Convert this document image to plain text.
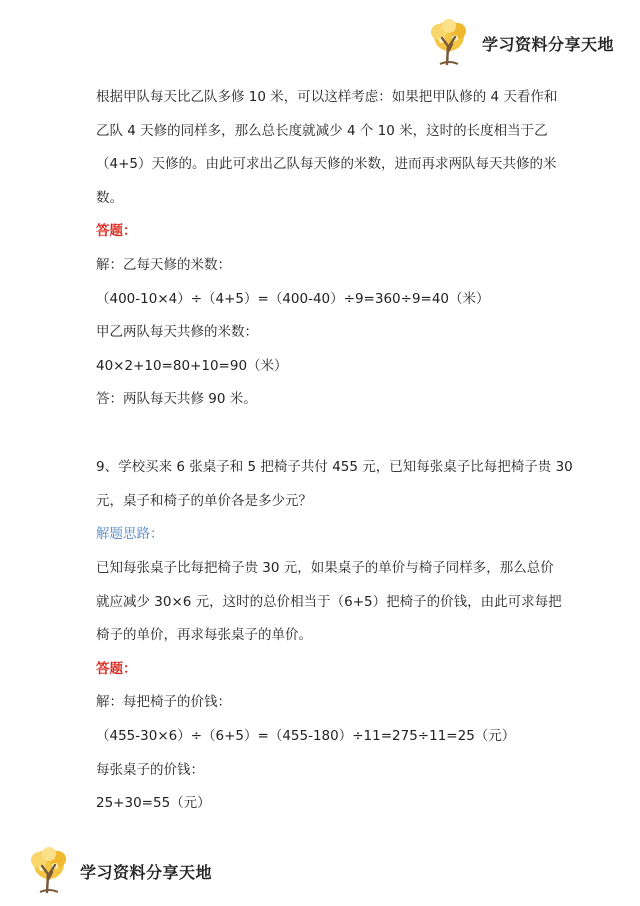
学习资料分享天地
根据甲队每天比乙队多修 10 米，可以这样考虑：如果把甲队修的 4 天看作和
乙队 4 天修的同样多，那么总长度就减少 4 个 10 米，这时的长度相当于乙
（4+5）天修的。由此可求出乙队每天修的米数，进而再求两队每天共修的米
数。
答题：
解：乙每天修的米数：
（400-10×4）÷（4+5）=（400-40）÷9=360÷9=40（米）
甲乙两队每天共修的米数：
40×2+10=80+10=90（米）
答：两队每天共修 90 米。
9、学校买来 6 张桌子和 5 把椅子共付 455 元，已知每张桌子比每把椅子贵 30
元，桌子和椅子的单价各是多少元？
解题思路：
已知每张桌子比每把椅子贵 30 元，如果桌子的单价与椅子同样多，那么总价
就应减少 30×6 元，这时的总价相当于（6+5）把椅子的价钱，由此可求每把
椅子的单价，再求每张桌子的单价。
答题：
解：每把椅子的价钱：
（455-30×6）÷（6+5）=（455-180）÷11=275÷11=25（元）
每张桌子的价钱：
25+30=55（元）
学习资料分享天地
